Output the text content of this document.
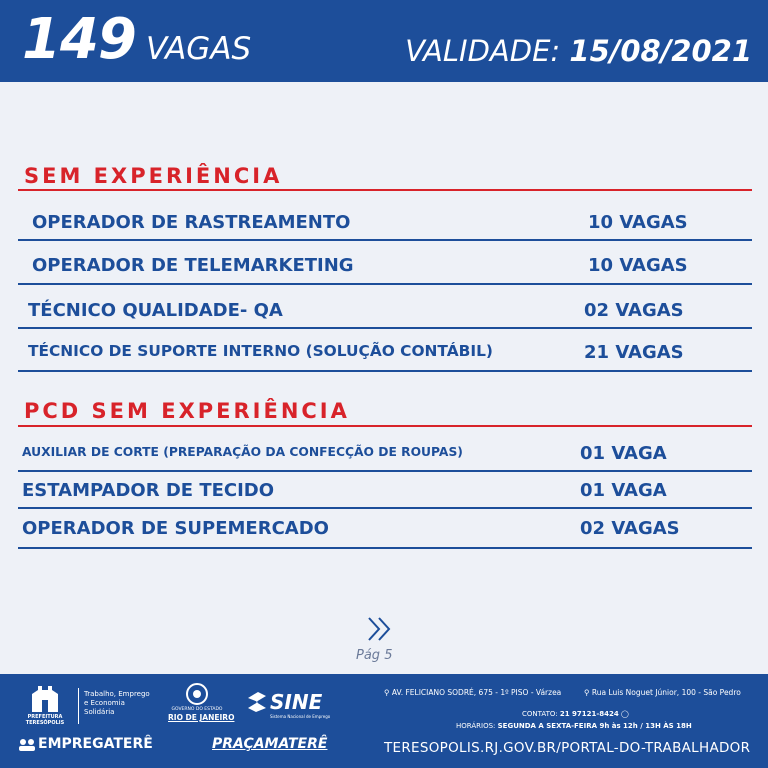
149 VAGAS	VALIDADE: 15/08/2021
SEM EXPERIÊNCIA
OPERADOR DE RASTREAMENTO	10 VAGAS
OPERADOR DE TELEMARKETING	10 VAGAS
TÉCNICO QUALIDADE- QA	02 VAGAS
TÉCNICO DE SUPORTE INTERNO (SOLUÇÃO CONTÁBIL)	21 VAGAS
PCD SEM EXPERIÊNCIA
AUXILIAR DE CORTE (PREPARAÇÃO DA CONFECÇÃO DE ROUPAS)	01 VAGA
ESTAMPADOR DE TECIDO	01 VAGA
OPERADOR DE SUPEMERCADO	02 VAGAS
Pág 5
PREFEITURA
TERESÓPOLIS
Trabalho, Emprego
e Economia
Solidária	GOVERNO DO ESTADO
RIO DE JANEIRO
SINE
Sistema Nacional de Emprego
EMPREGATERÊ	PRAÇAMATERÊ
⚲ AV. FELICIANO SODRÉ, 675 - 1º PISO - Várzea	⚲ Rua Luis Noguet Júnior, 100 - São Pedro
CONTATO: 21 97121-8424 ◯
HORÁRIOS: SEGUNDA A SEXTA-FEIRA 9h às 12h / 13H ÀS 18H
TERESOPOLIS.RJ.GOV.BR/PORTAL-DO-TRABALHADOR
